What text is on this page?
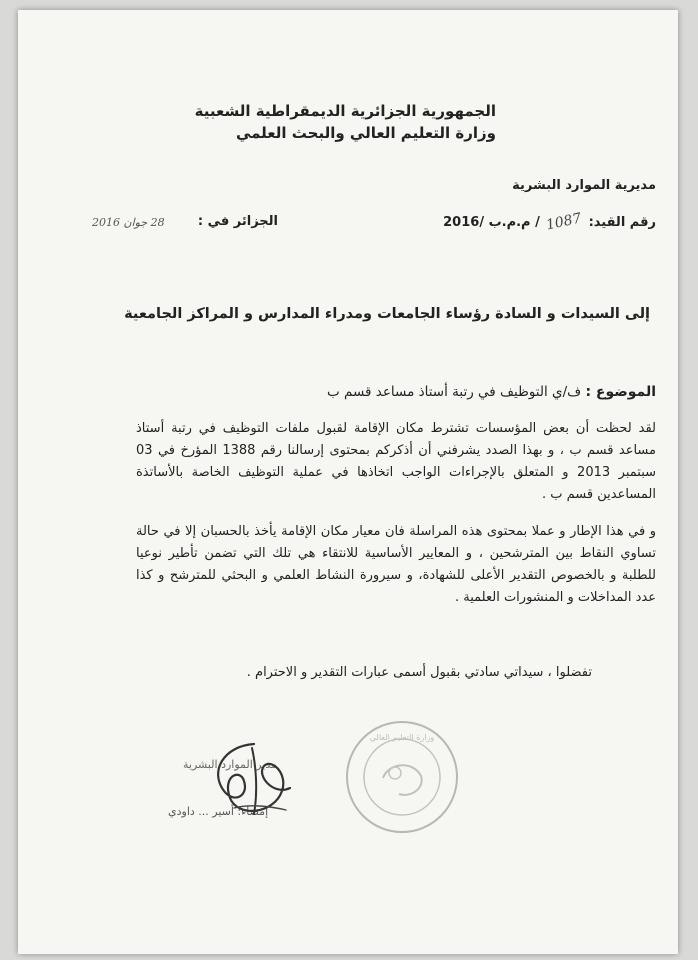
الجمهورية الجزائرية الديمقراطية الشعبية
وزارة التعليم العالي والبحث العلمي
مديرية الموارد البشرية
رقم القيد: 1087 / م.م.ب /2016
الجزائر في :
28 جوان 2016
إلى السيدات و السادة رؤساء الجامعات ومدراء المدارس و المراكز الجامعية
الموضوع : ف/ي التوظيف في رتبة أستاذ مساعد قسم ب
لقد لحظت أن بعض المؤسسات تشترط مكان الإقامة لقبول ملفات التوظيف في رتبة أستاذ مساعد قسم ب ، و بهذا الصدد يشرفني أن أذكركم بمحتوى إرسالنا رقم 1388 المؤرخ في 03 سبتمبر 2013 و المتعلق بالإجراءات الواجب اتخاذها في عملية التوظيف الخاصة بالأساتذة المساعدين قسم ب .
و في هذا الإطار و عملا بمحتوى هذه المراسلة فان معيار مكان الإقامة يأخذ بالحسبان إلا في حالة تساوي النقاط بين المترشحين ، و المعايير الأساسية للانتقاء هي تلك التي تضمن تأطير نوعيا للطلبة و بالخصوص التقدير الأعلى للشهادة، و سيرورة النشاط العلمي و البحثي للمترشح و كذا عدد المداخلات و المنشورات العلمية .
تفضلوا ، سيداتي سادتي بقبول أسمى عبارات التقدير و الاحترام .
مدير الموارد البشرية
إمضاء: أسير ... داودي
وزارة التعليم العالي
